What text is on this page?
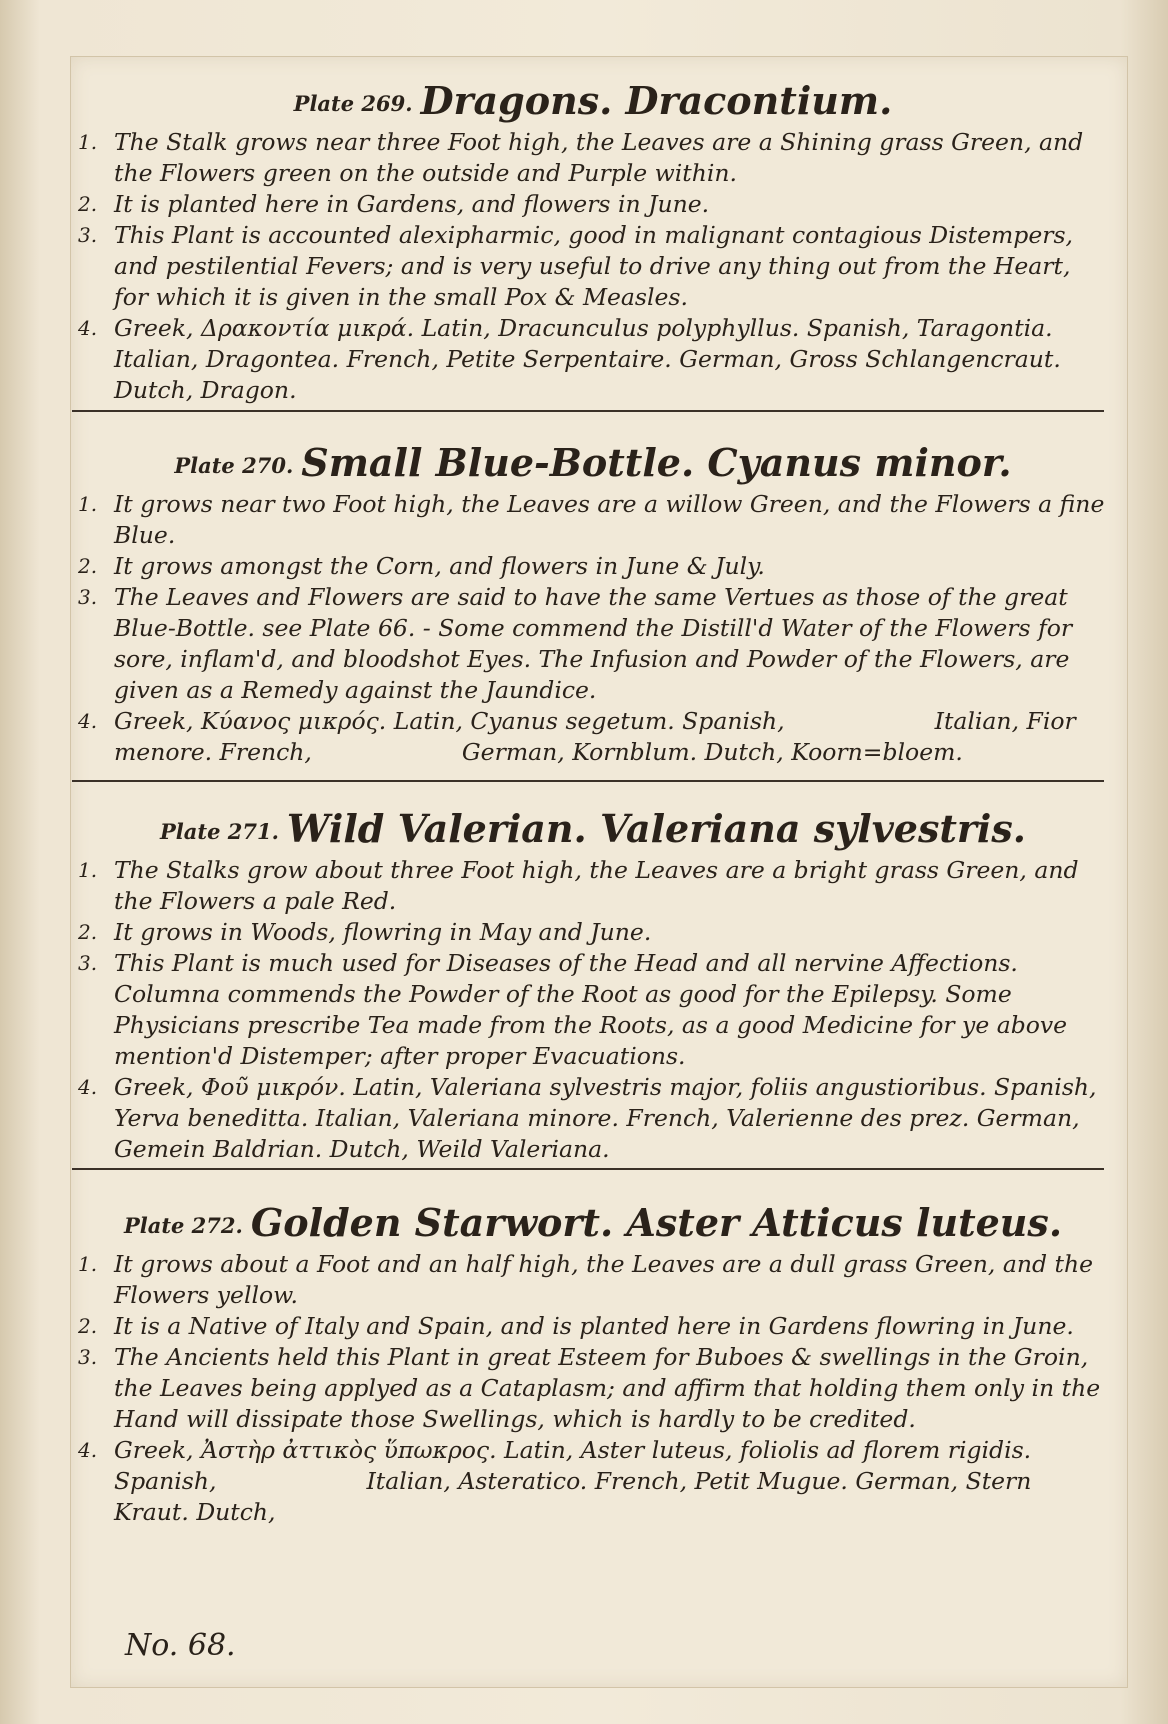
Plate 269. Dragons. Dracontium.

1. The Stalk grows near three Foot high, the Leaves are a Shining grass Green, and the Flowers green on the outside and Purple within.

2. It is planted here in Gardens, and flowers in June.

3. This Plant is accounted alexipharmic, good in malignant contagious Distempers, and pestilential Fevers; and is very useful to drive any thing out from the Heart, for which it is given in the small Pox & Measles.

4. Greek, Δρακοντία μικρά. Latin, Dracunculus polyphyllus. Spanish, Taragontia. Italian, Dragontea. French, Petite Serpentaire. German, Gross Schlangencraut. Dutch, Dragon.

Plate 270. Small Blue-Bottle. Cyanus minor.

1. It grows near two Foot high, the Leaves are a willow Green, and the Flowers a fine Blue.

2. It grows amongst the Corn, and flowers in June & July.

3. The Leaves and Flowers are said to have the same Vertues as those of the great Blue-Bottle. see Plate 66. - Some commend the Distill'd Water of the Flowers for sore, inflam'd, and bloodshot Eyes. The Infusion and Powder of the Flowers, are given as a Remedy against the Jaundice.

4. Greek, Κύανος μικρός. Latin, Cyanus segetum. Spanish,	Italian, Fior menore. French,	German, Kornblum. Dutch, Koorn=bloem.

Plate 271. Wild Valerian. Valeriana sylvestris.

1. The Stalks grow about three Foot high, the Leaves are a bright grass Green, and the Flowers a pale Red.

2. It grows in Woods, flowring in May and June.

3. This Plant is much used for Diseases of the Head and all nervine Affections. Columna commends the Powder of the Root as good for the Epilepsy. Some Physicians prescribe Tea made from the Roots, as a good Medicine for ye above mention'd Distemper; after proper Evacuations.

4. Greek, Φοῦ μικρόν. Latin, Valeriana sylvestris major, foliis angustioribus. Spanish, Yerva beneditta. Italian, Valeriana minore. French, Valerienne des prez. German, Gemein Baldrian. Dutch, Weild Valeriana.

Plate 272. Golden Starwort. Aster Atticus luteus.

1. It grows about a Foot and an half high, the Leaves are a dull grass Green, and the Flowers yellow.

2. It is a Native of Italy and Spain, and is planted here in Gardens flowring in June.

3. The Ancients held this Plant in great Esteem for Buboes & swellings in the Groin, the Leaves being applyed as a Cataplasm; and affirm that holding them only in the Hand will dissipate those Swellings, which is hardly to be credited.

4. Greek, Ἀστὴρ ἀττικὸς ὕπωκρος. Latin, Aster luteus, foliolis ad florem rigidis. Spanish,	Italian, Asteratico. French, Petit Mugue. German, Stern Kraut. Dutch,

No. 68.
